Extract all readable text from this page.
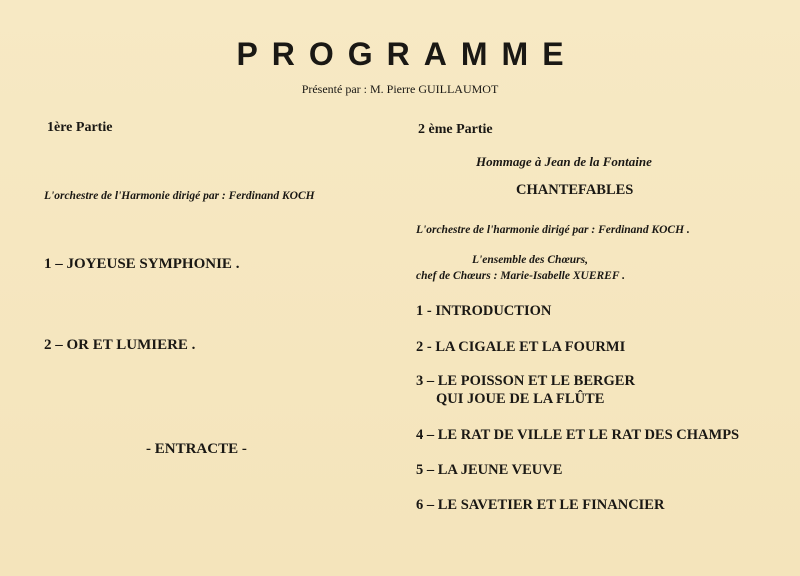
PROGRAMME
Présenté par : M. Pierre GUILLAUMOT
1ère Partie
L'orchestre de l'Harmonie dirigé par : Ferdinand KOCH
1 – JOYEUSE SYMPHONIE .
2 – OR ET LUMIERE .
- ENTRACTE -
2 ème Partie
Hommage à Jean de la Fontaine
CHANTEFABLES
L'orchestre de l'harmonie dirigé par : Ferdinand KOCH .
L'ensemble des Chœurs,
chef de Chœurs : Marie-Isabelle XUEREF .
1 - INTRODUCTION
2 - LA CIGALE ET LA FOURMI
3 – LE POISSON ET LE BERGER
QUI JOUE DE LA FLÛTE
4 – LE RAT DE VILLE ET LE RAT DES CHAMPS
5 – LA JEUNE VEUVE
6 – LE SAVETIER ET LE FINANCIER
